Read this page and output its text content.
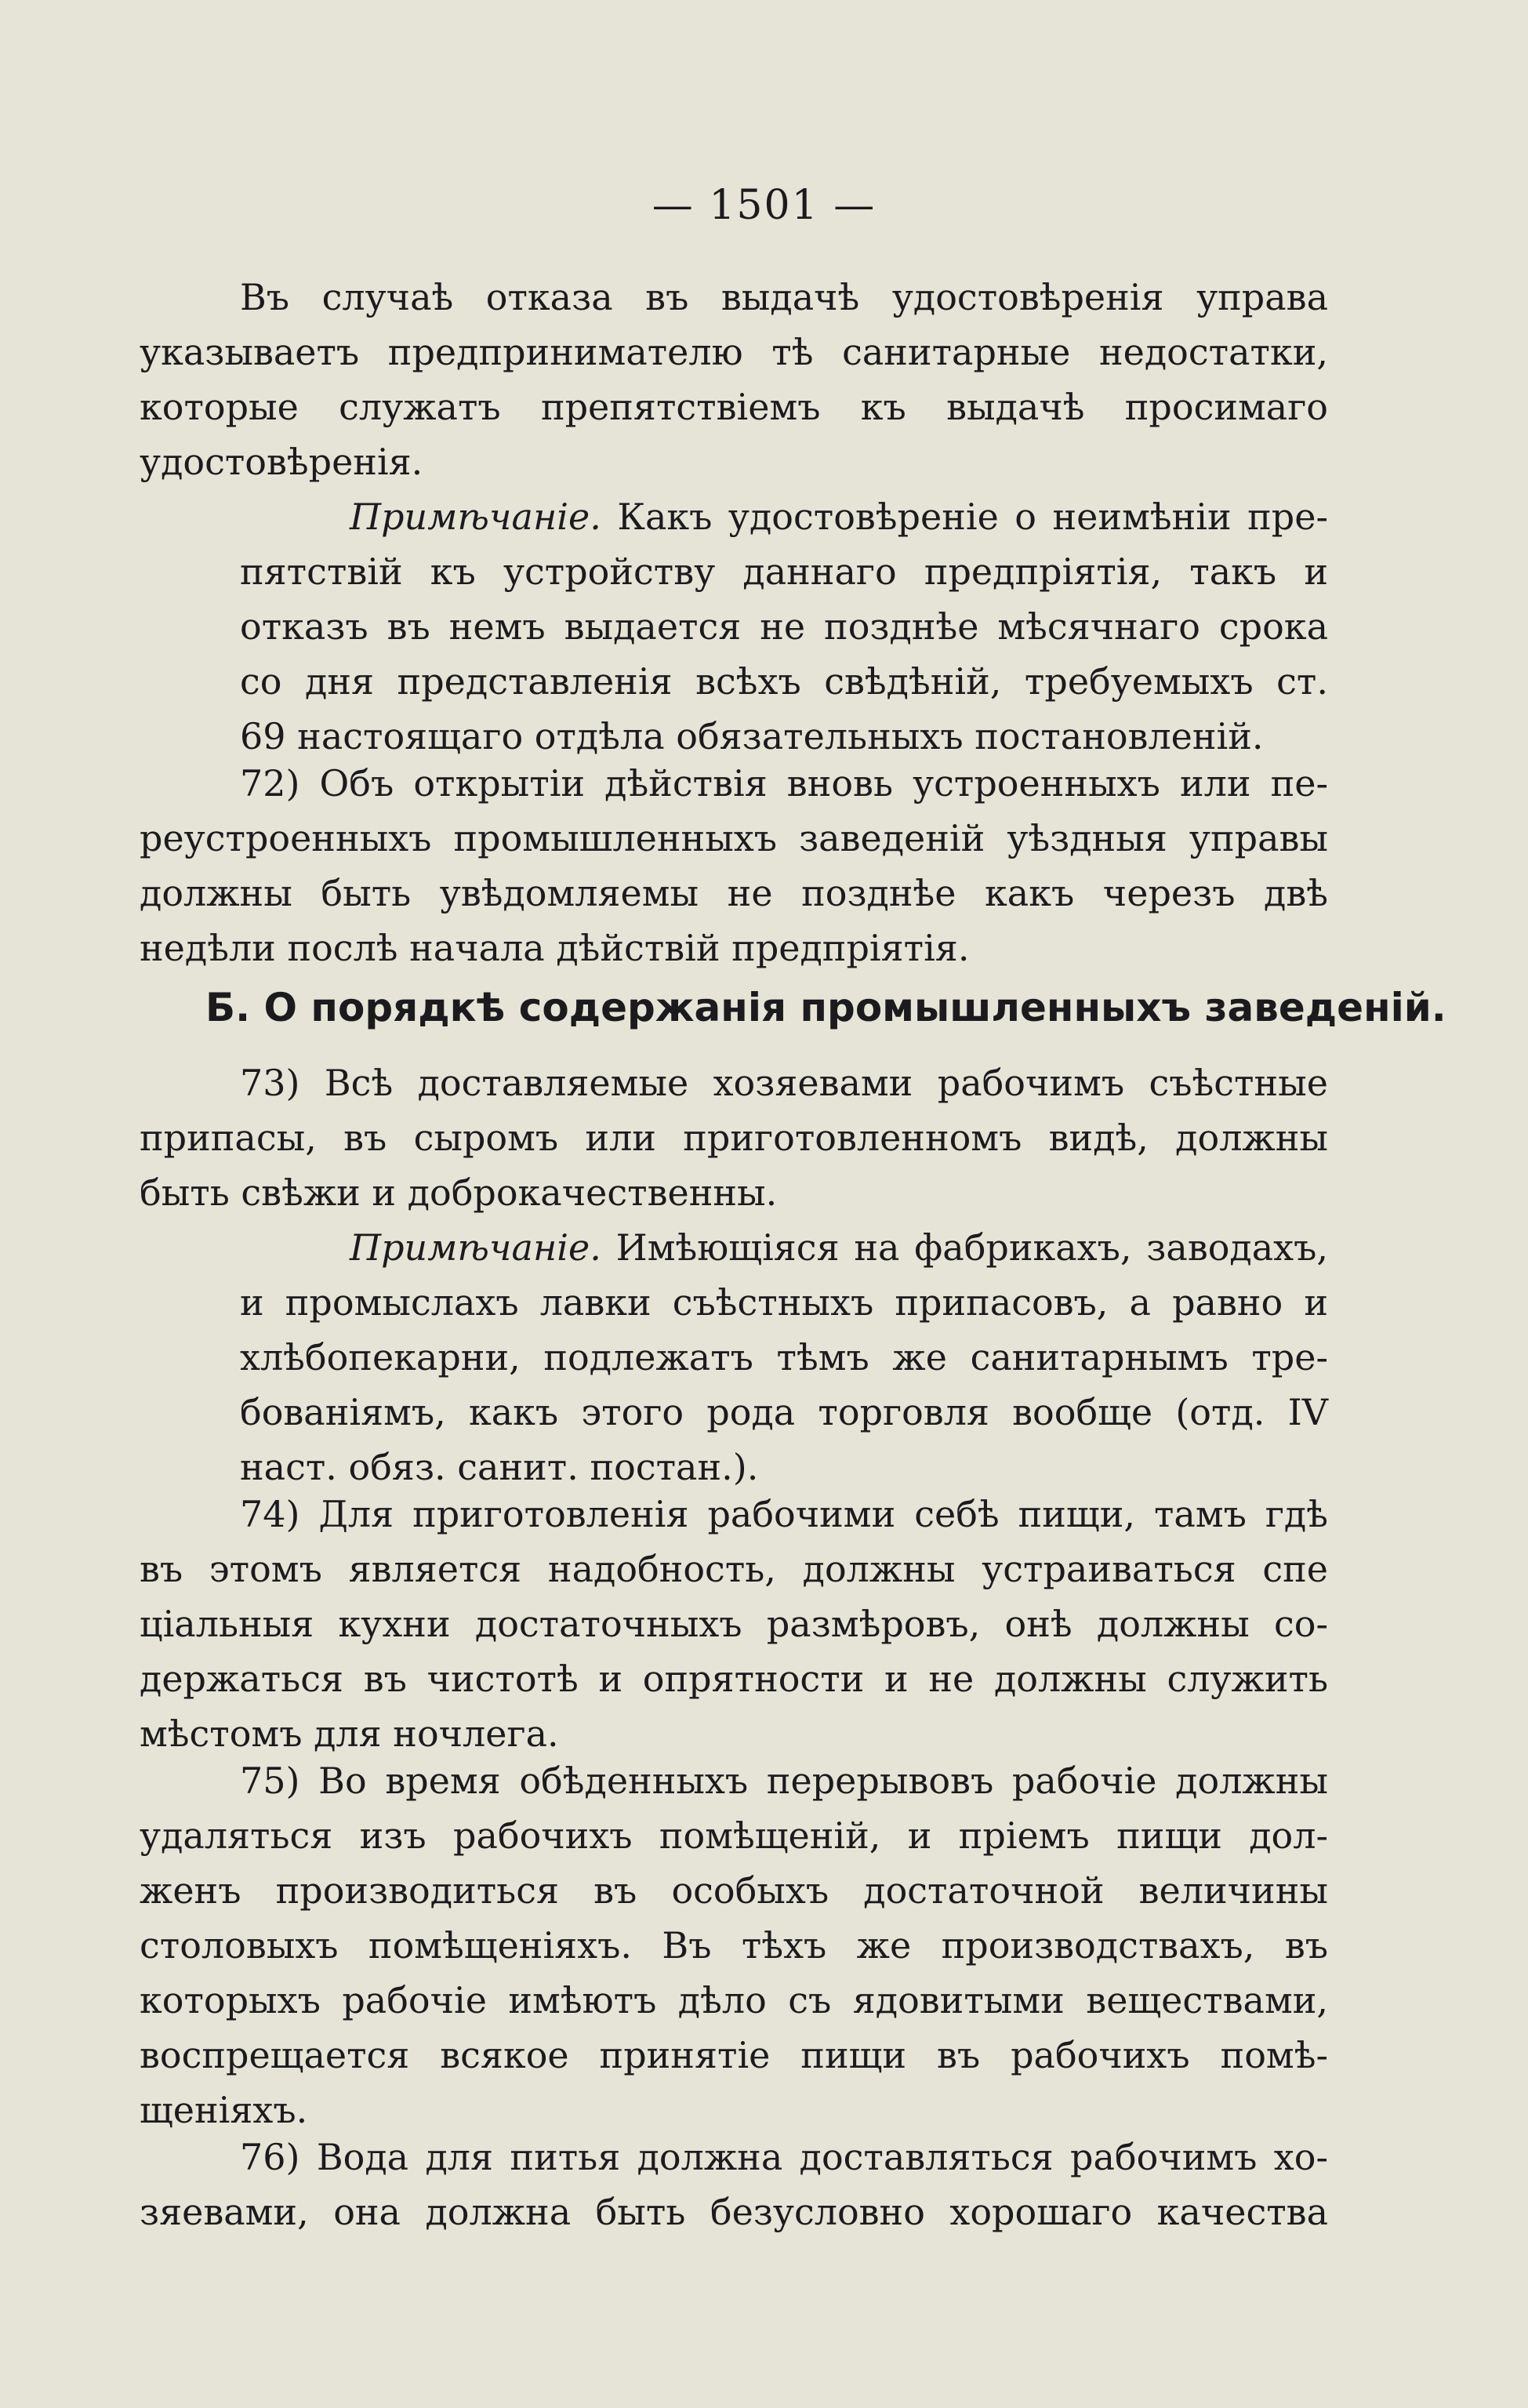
— 1501 —
Въ случаѣ отказа въ выдачѣ удостовѣренія управа
указываетъ предпринимателю тѣ санитарные недостатки,
которые служатъ препятствіемъ къ выдачѣ просимаго
удостовѣренія.
Примѣчаніе. Какъ удостовѣреніе о неимѣніи пре-
пятствій къ устройству даннаго предпріятія, такъ и
отказъ въ немъ выдается не позднѣе мѣсячнаго срока
со дня представленія всѣхъ свѣдѣній, требуемыхъ ст.
69 настоящаго отдѣла обязательныхъ постановленій.
72) Объ открытіи дѣйствія вновь устроенныхъ или пе-
реустроенныхъ промышленныхъ заведеній уѣздныя управы
должны быть увѣдомляемы не позднѣе какъ черезъ двѣ
недѣли послѣ начала дѣйствій предпріятія.
Б. О порядкѣ содержанія промышленныхъ заведеній.
73) Всѣ доставляемые хозяевами рабочимъ съѣстные
припасы, въ сыромъ или приготовленномъ видѣ, должны
быть свѣжи и доброкачественны.
Примѣчаніе. Имѣющіяся на фабрикахъ, заводахъ,
и промыслахъ лавки съѣстныхъ припасовъ, а равно и
хлѣбопекарни, подлежатъ тѣмъ же санитарнымъ тре-
бованіямъ, какъ этого рода торговля вообще (отд. IV
наст. обяз. санит. постан.).
74) Для приготовленія рабочими себѣ пищи, тамъ гдѣ
въ этомъ является надобность, должны устраиваться спе
ціальныя кухни достаточныхъ размѣровъ, онѣ должны со-
держаться въ чистотѣ и опрятности и не должны служить
мѣстомъ для ночлега.
75) Во время обѣденныхъ перерывовъ рабочіе должны
удаляться изъ рабочихъ помѣщеній, и пріемъ пищи дол-
женъ производиться въ особыхъ достаточной величины
столовыхъ помѣщеніяхъ. Въ тѣхъ же производствахъ, въ
которыхъ рабочіе имѣютъ дѣло съ ядовитыми веществами,
воспрещается всякое принятіе пищи въ рабочихъ помѣ-
щеніяхъ.
76) Вода для питья должна доставляться рабочимъ хо-
зяевами, она должна быть безусловно хорошаго качества
